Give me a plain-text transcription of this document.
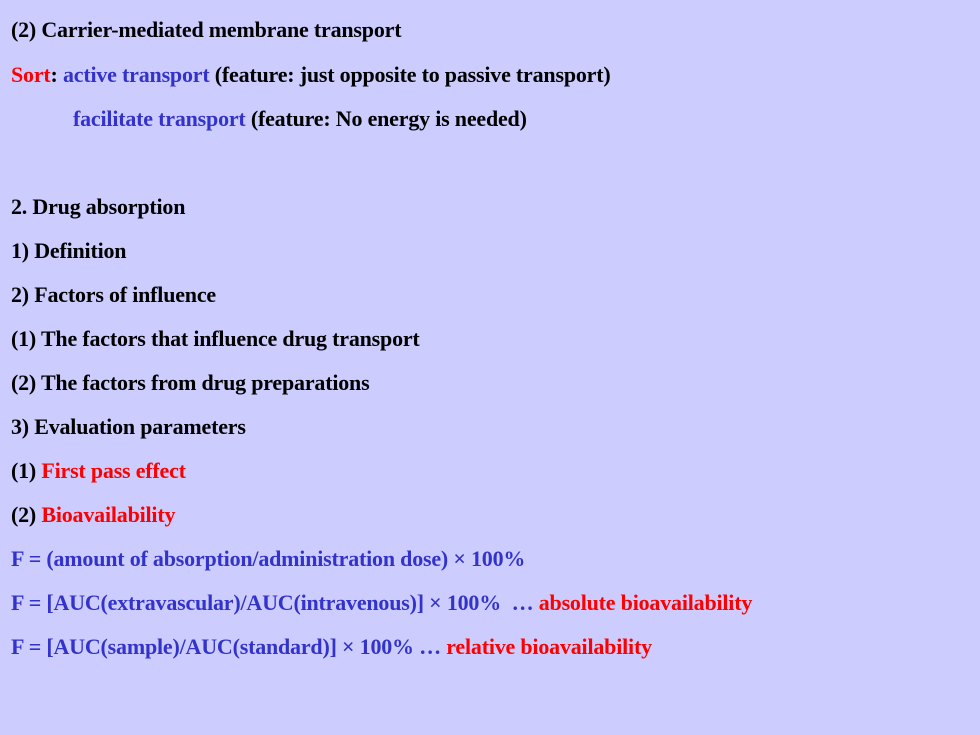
(2) Carrier-mediated membrane transport
Sort: active transport (feature: just opposite to passive transport)
facilitate transport (feature: No energy is needed)
2. Drug absorption
1) Definition
2) Factors of influence
(1) The factors that influence drug transport
(2) The factors from drug preparations
3) Evaluation parameters
(1) First pass effect
(2) Bioavailability
F = (amount of absorption/administration dose) × 100%
F = [AUC(extravascular)/AUC(intravenous)] × 100%  … absolute bioavailability
F = [AUC(sample)/AUC(standard)] × 100% … relative bioavailability
